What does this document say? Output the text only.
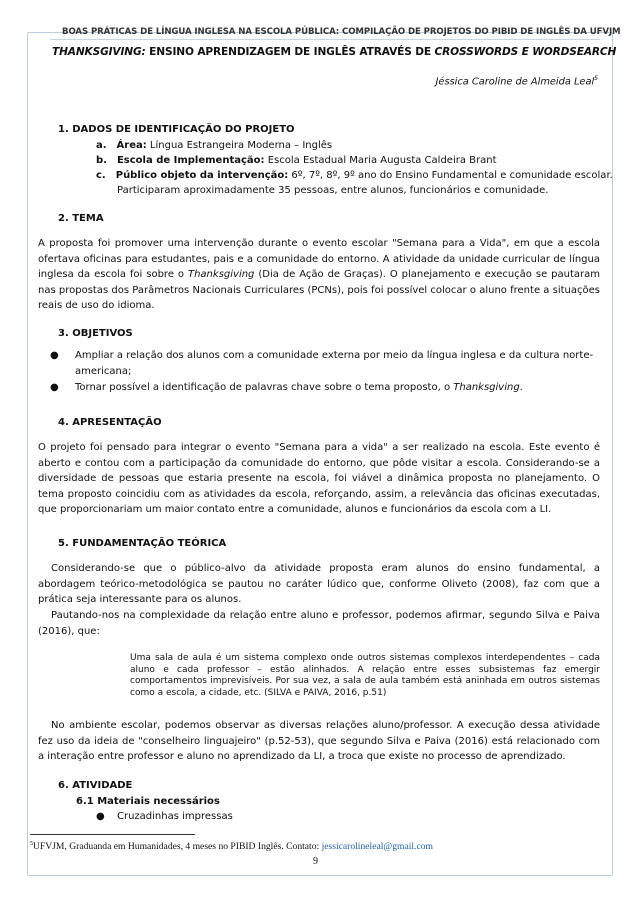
BOAS PRÁTICAS DE LÍNGUA INGLESA NA ESCOLA PÚBLICA: COMPILAÇÃO DE PROJETOS DO PIBID DE INGLÊS DA UFVJM
THANKSGIVING: ENSINO APRENDIZAGEM DE INGLÊS ATRAVÉS DE CROSSWORDS E WORDSEARCH
Jéssica Caroline de Almeida Leal$^5$
1. DADOS DE IDENTIFICAÇÃO DO PROJETO
a. Área: Língua Estrangeira Moderna – Inglês
b. Escola de Implementação: Escola Estadual Maria Augusta Caldeira Brant
c. Público objeto da intervenção: 6º, 7º, 8º, 9º ano do Ensino Fundamental e comunidade escolar.
Participaram aproximadamente 35 pessoas, entre alunos, funcionários e comunidade.
2. TEMA
A proposta foi promover uma intervenção durante o evento escolar "Semana para a Vida", em que a escola ofertava oficinas para estudantes, pais e a comunidade do entorno. A atividade da unidade curricular de língua inglesa da escola foi sobre o Thanksgiving (Dia de Ação de Graças). O planejamento e execução se pautaram nas propostas dos Parâmetros Nacionais Curriculares (PCNs), pois foi possível colocar o aluno frente a situações reais de uso do idioma.
3. OBJETIVOS
● Ampliar a relação dos alunos com a comunidade externa por meio da língua inglesa e da cultura norte-
americana;
● Tornar possível a identificação de palavras chave sobre o tema proposto, o Thanksgiving.
4. APRESENTAÇÃO
O projeto foi pensado para integrar o evento "Semana para a vida" a ser realizado na escola. Este evento é aberto e contou com a participação da comunidade do entorno, que pôde visitar a escola. Considerando-se a diversidade de pessoas que estaria presente na escola, foi viável a dinâmica proposta no planejamento. O tema proposto coincidiu com as atividades da escola, reforçando, assim, a relevância das oficinas executadas, que proporcionariam um maior contato entre a comunidade, alunos e funcionários da escola com a LI.
5. FUNDAMENTAÇÃO TEÓRICA
Considerando-se que o público-alvo da atividade proposta eram alunos do ensino fundamental, a abordagem teórico-metodológica se pautou no caráter lúdico que, conforme Oliveto (2008), faz com que a prática seja interessante para os alunos.
Pautando-nos na complexidade da relação entre aluno e professor, podemos afirmar, segundo Silva e Paiva (2016), que:
Uma sala de aula é um sistema complexo onde outros sistemas complexos interdependentes – cada aluno e cada professor – estão alinhados. A relação entre esses subsistemas faz emergir comportamentos imprevisíveis. Por sua vez, a sala de aula também está aninhada em outros sistemas como a escola, a cidade, etc. (SILVA e PAIVA, 2016, p.51)
No ambiente escolar, podemos observar as diversas relações aluno/professor. A execução dessa atividade fez uso da ideia de "conselheiro linguajeiro" (p.52-53), que segundo Silva e Paiva (2016) está relacionado com a interação entre professor e aluno no aprendizado da LI, a troca que existe no processo de aprendizado.
6. ATIVIDADE
6.1 Materiais necessários
● Cruzadinhas impressas
$^5$UFVJM, Graduanda em Humanidades, 4 meses no PIBID Inglês. Contato: jessicarolineleal@gmail.com
9
